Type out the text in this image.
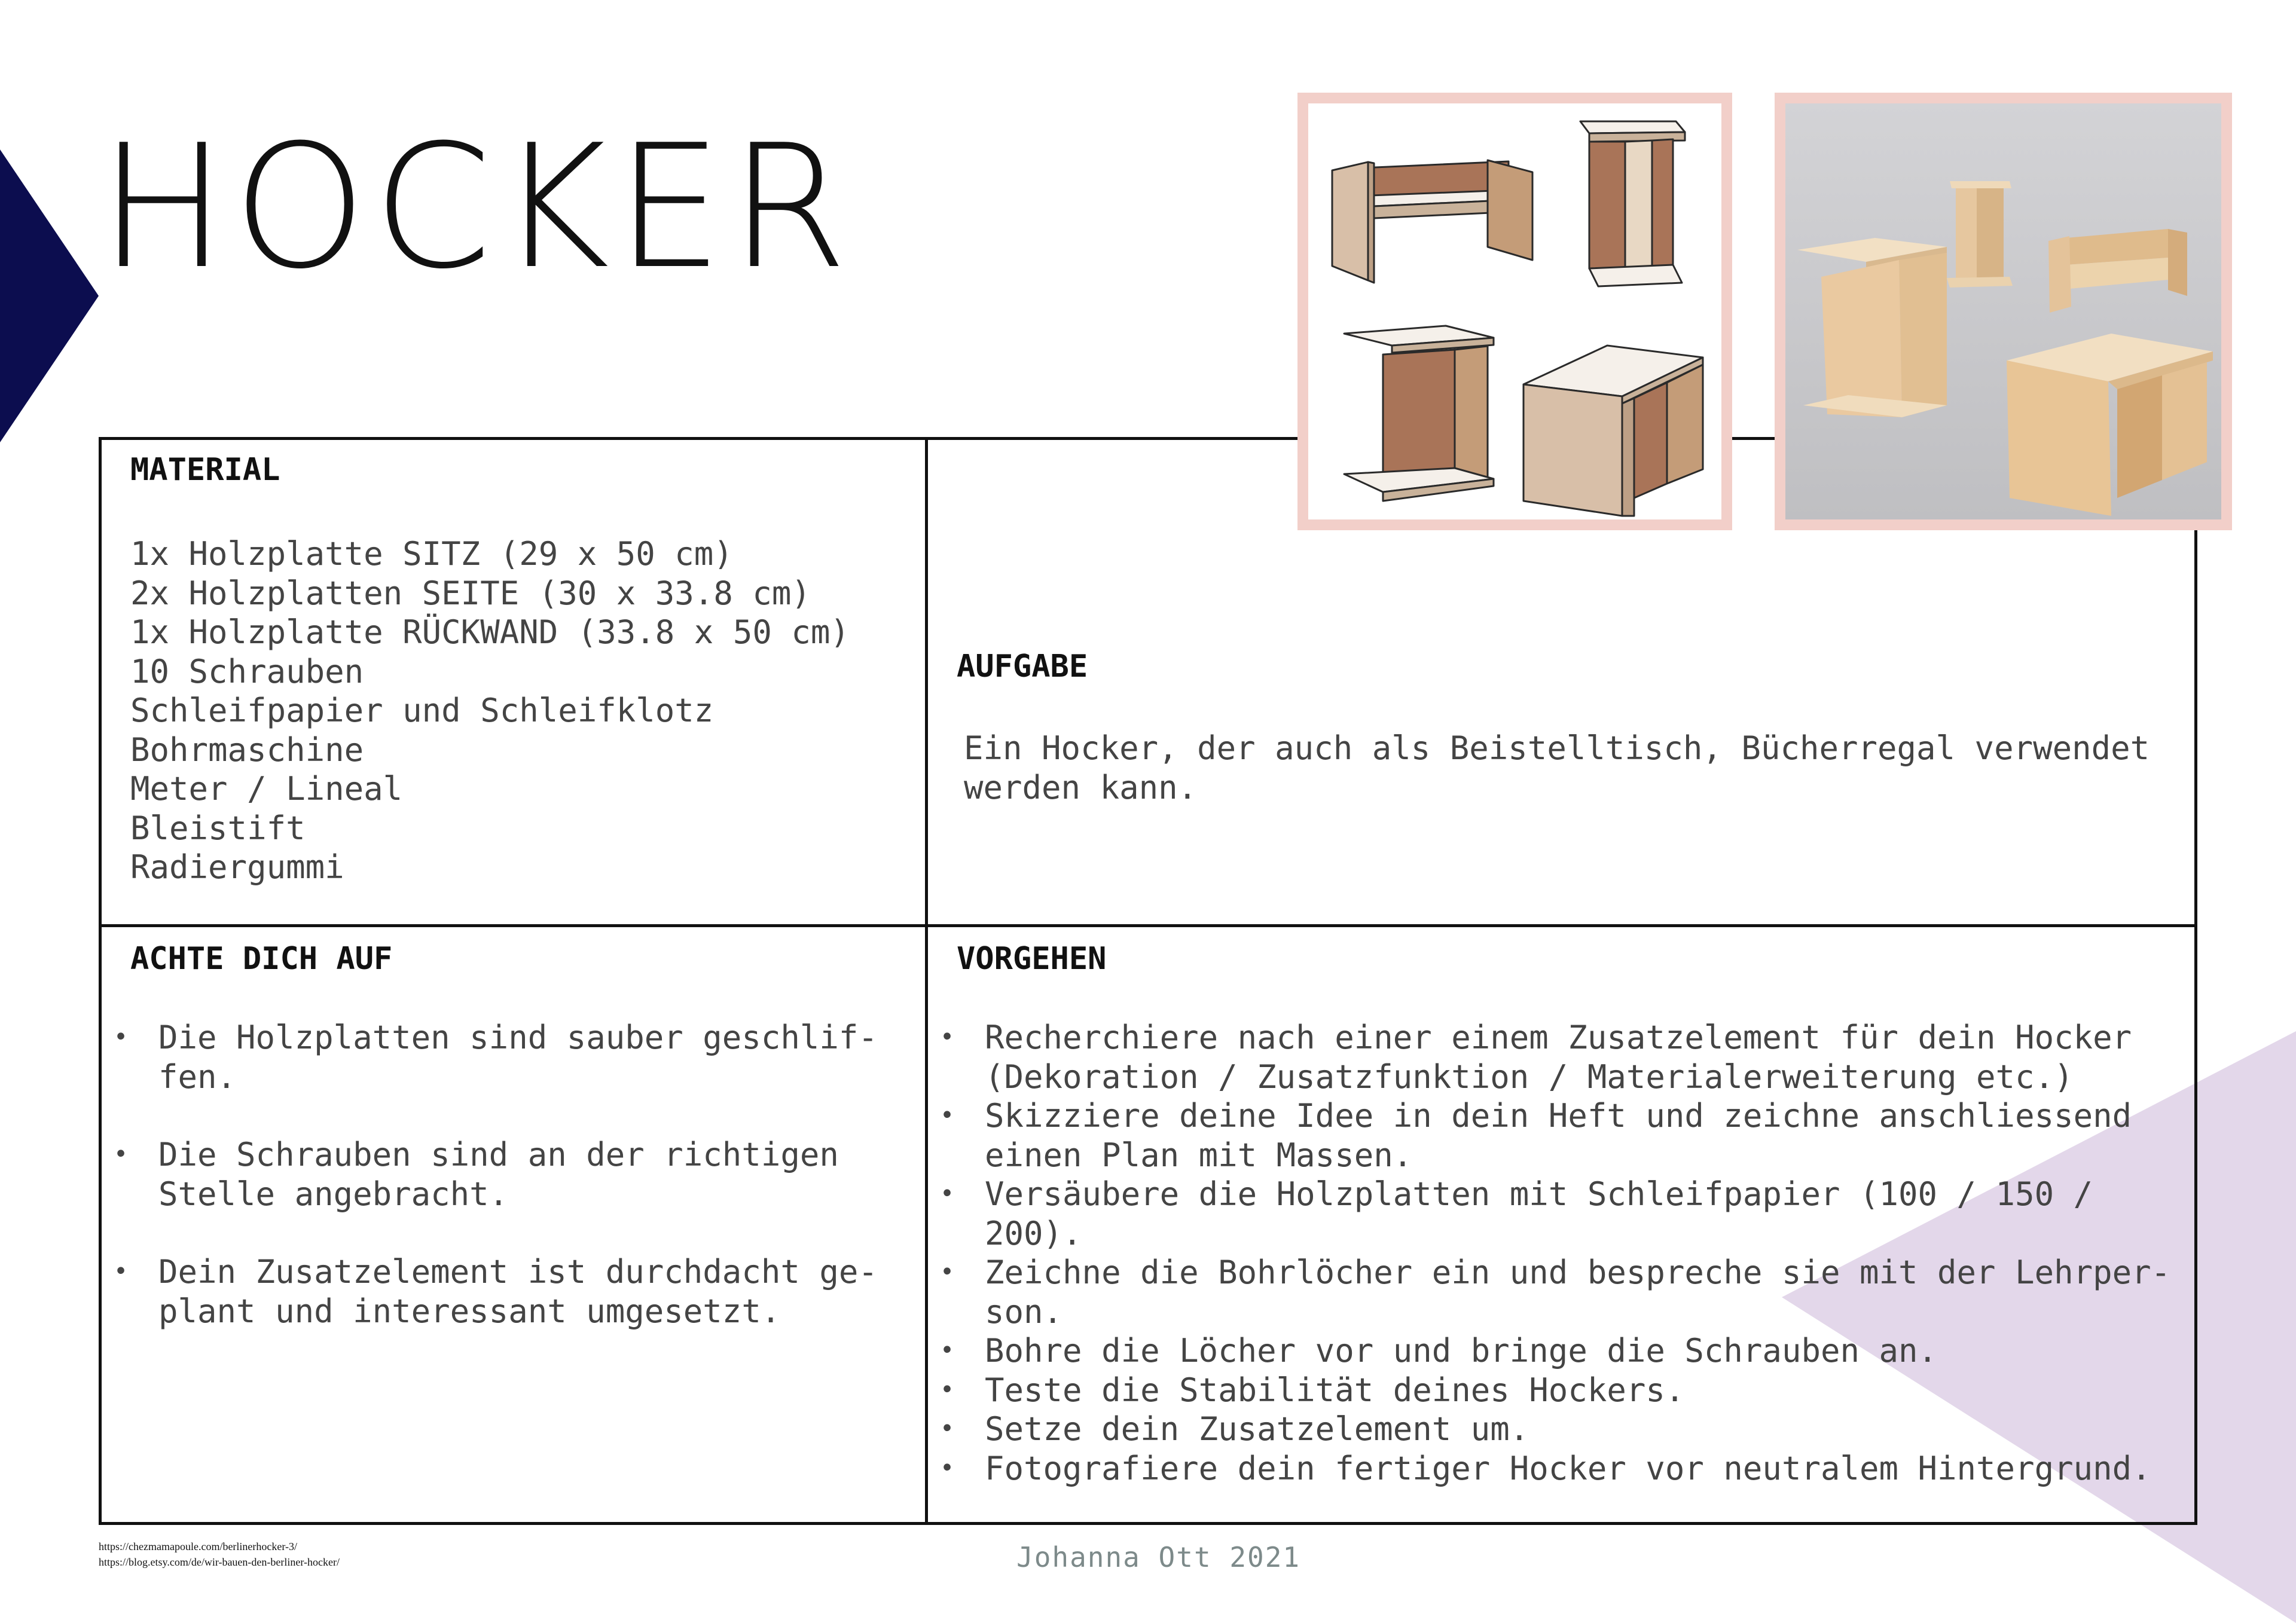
HOCKER
MATERIAL
1x Holzplatte SITZ (29 x 50 cm)
2x Holzplatten SEITE (30 x 33.8 cm)
1x Holzplatte RÜCKWAND (33.8 x 50 cm)
10 Schrauben
Schleifpapier und Schleifklotz
Bohrmaschine
Meter / Lineal
Bleistift
Radiergummi
AUFGABE
Ein Hocker, der auch als Beistelltisch, Bücherregal verwendet
werden kann.
ACHTE DICH AUF
• Die Holzplatten sind sauber geschlif-
fen.
• Die Schrauben sind an der richtigen
Stelle angebracht.
• Dein Zusatzelement ist durchdacht ge-
plant und interessant umgesetzt.
VORGEHEN
• Recherchiere nach einer einem Zusatzelement für dein Hocker
(Dekoration / Zusatzfunktion / Materialerweiterung etc.)
• Skizziere deine Idee in dein Heft und zeichne anschliessend
einen Plan mit Massen.
• Versäubere die Holzplatten mit Schleifpapier (100 / 150 /
200).
• Zeichne die Bohrlöcher ein und bespreche sie mit der Lehrper-
son.
• Bohre die Löcher vor und bringe die Schrauben an.
• Teste die Stabilität deines Hockers.
• Setze dein Zusatzelement um.
• Fotografiere dein fertiger Hocker vor neutralem Hintergrund.
https://chezmamapoule.com/berlinerhocker-3/
https://blog.etsy.com/de/wir-bauen-den-berliner-hocker/	Johanna Ott 2021
